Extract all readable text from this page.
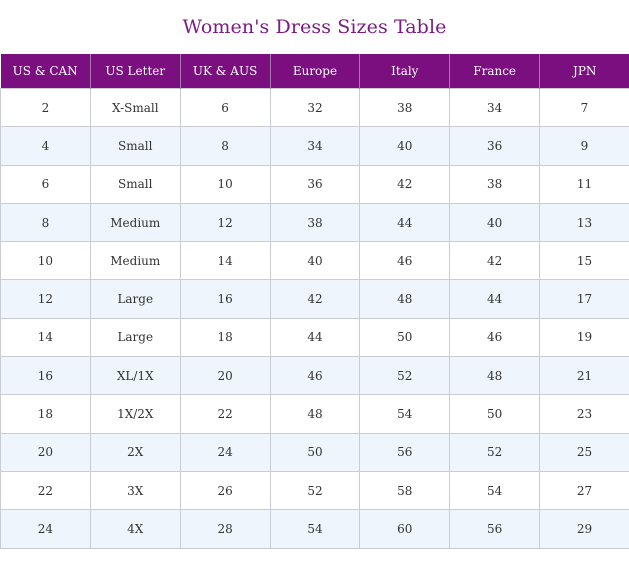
Women's Dress Sizes Table
US & CAN	US Letter	UK & AUS	Europe	Italy	France	JPN
2	X-Small	6	32	38	34	7
4	Small	8	34	40	36	9
6	Small	10	36	42	38	11
8	Medium	12	38	44	40	13
10	Medium	14	40	46	42	15
12	Large	16	42	48	44	17
14	Large	18	44	50	46	19
16	XL/1X	20	46	52	48	21
18	1X/2X	22	48	54	50	23
20	2X	24	50	56	52	25
22	3X	26	52	58	54	27
24	4X	28	54	60	56	29
